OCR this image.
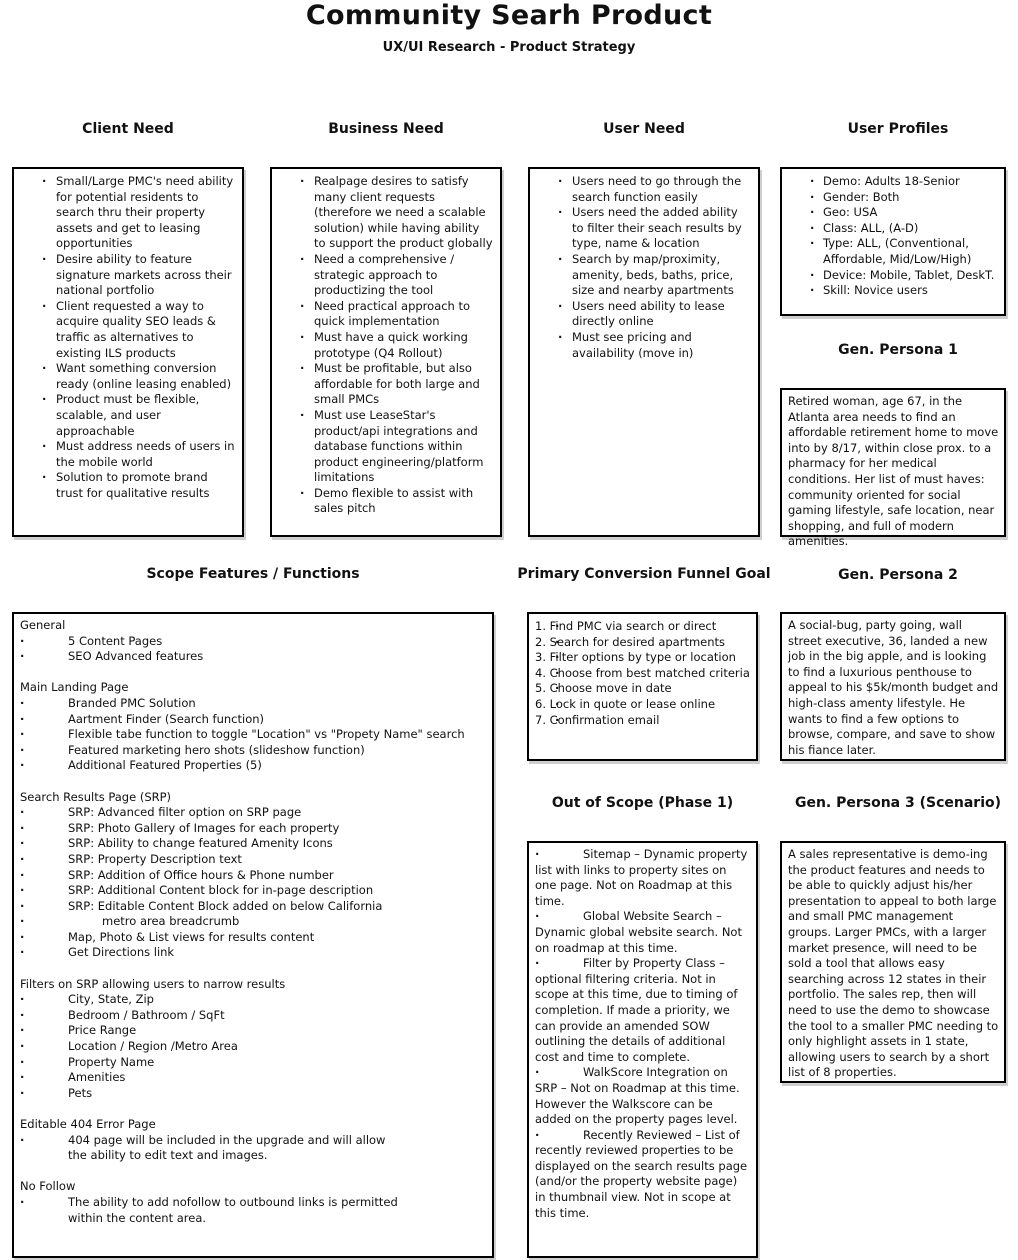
Community Searh Product
UX/UI Research - Product Strategy
Client Need	Business Need	User Need	User Profiles
· Small/Large PMC's need ability for potential residents to search thru their property assets and get to leasing opportunities
· Desire ability to feature signature markets across their national portfolio
· Client requested a way to acquire quality SEO leads & traffic as alternatives to existing ILS products
· Want something conversion ready (online leasing enabled)
· Product must be flexible, scalable, and user approachable
· Must address needs of users in the mobile world
· Solution to promote brand trust for qualitative results
· Realpage desires to satisfy many client requests (therefore we need a scalable solution) while having ability to support the product globally
· Need a comprehensive / strategic approach to productizing the tool
· Need practical approach to quick implementation
· Must have a quick working prototype (Q4 Rollout)
· Must be profitable, but also affordable for both large and small PMCs
· Must use LeaseStar's product/api integrations and database functions within product engineering/platform limitations
· Demo flexible to assist with sales pitch
· Users need to go through the search function easily
· Users need the added ability to filter their seach results by type, name & location
· Search by map/proximity, amenity, beds, baths, price, size and nearby apartments
· Users need ability to lease directly online
· Must see pricing and availability (move in)
· Demo: Adults 18-Senior
· Gender: Both
· Geo: USA
· Class: ALL, (A-D)
· Type: ALL, (Conventional, Affordable, Mid/Low/High)
· Device: Mobile, Tablet, DeskT.
· Skill: Novice users
Gen. Persona 1
Retired woman, age 67, in the Atlanta area needs to find an affordable retirement home to move into by 8/17, within close prox. to a pharmacy for her medical conditions. Her list of must haves: community oriented for social gaming lifestyle, safe location, near shopping, and full of modern amenities.
Scope Features / Functions	Primary Conversion Funnel Goal	Gen. Persona 2
General
· 5 Content Pages
· SEO Advanced features
Main Landing Page
· Branded PMC Solution
· Aartment Finder (Search function)
· Flexible tabe function to toggle "Location" vs "Propety Name" search
· Featured marketing hero shots (slideshow function)
· Additional Featured Properties (5)
Search Results Page (SRP)
· SRP: Advanced filter option on SRP page
· SRP: Photo Gallery of Images for each property
· SRP: Ability to change featured Amenity Icons
· SRP: Property Description text
· SRP: Addition of Office hours & Phone number
· SRP: Additional Content block for in-page description
· SRP: Editable Content Block added on below California
· metro area breadcrumb
· Map, Photo & List views for results content
· Get Directions link
Filters on SRP allowing users to narrow results
· City, State, Zip
· Bedroom / Bathroom / SqFt
· Price Range
· Location / Region /Metro Area
· Property Name
· Amenities
· Pets
Editable 404 Error Page
· 404 page will be included in the upgrade and will allow
the ability to edit text and images.
No Follow
· The ability to add nofollow to outbound links is permitted
within the content area.
· 1. Find PMC via search or direct
· 2. Search for desired apartments
· 3. Filter options by type or location
· 4. Choose from best matched criteria
· 5. Choose move in date
· 6. Lock in quote or lease online
· 7. Confirmation email
A social-bug, party going, wall street executive, 36, landed a new job in the big apple, and is looking to find a luxurious penthouse to appeal to his $5k/month budget and high-class amenty lifestyle. He wants to find a few options to browse, compare, and save to show his fiance later.
Out of Scope (Phase 1)	Gen. Persona 3 (Scenario)
· Sitemap – Dynamic property list with links to property sites on one page. Not on Roadmap at this time.
· Global Website Search – Dynamic global website search. Not on roadmap at this time.
· Filter by Property Class – optional filtering criteria. Not in scope at this time, due to timing of completion. If made a priority, we can provide an amended SOW outlining the details of additional cost and time to complete.
· WalkScore Integration on SRP – Not on Roadmap at this time. However the Walkscore can be added on the property pages level.
· Recently Reviewed – List of recently reviewed properties to be displayed on the search results page (and/or the property website page) in thumbnail view. Not in scope at this time.
A sales representative is demo-ing the product features and needs to be able to quickly adjust his/her presentation to appeal to both large and small PMC management groups. Larger PMCs, with a larger market presence, will need to be sold a tool that allows easy searching across 12 states in their portfolio. The sales rep, then will need to use the demo to showcase the tool to a smaller PMC needing to only highlight assets in 1 state, allowing users to search by a short list of 8 properties.
